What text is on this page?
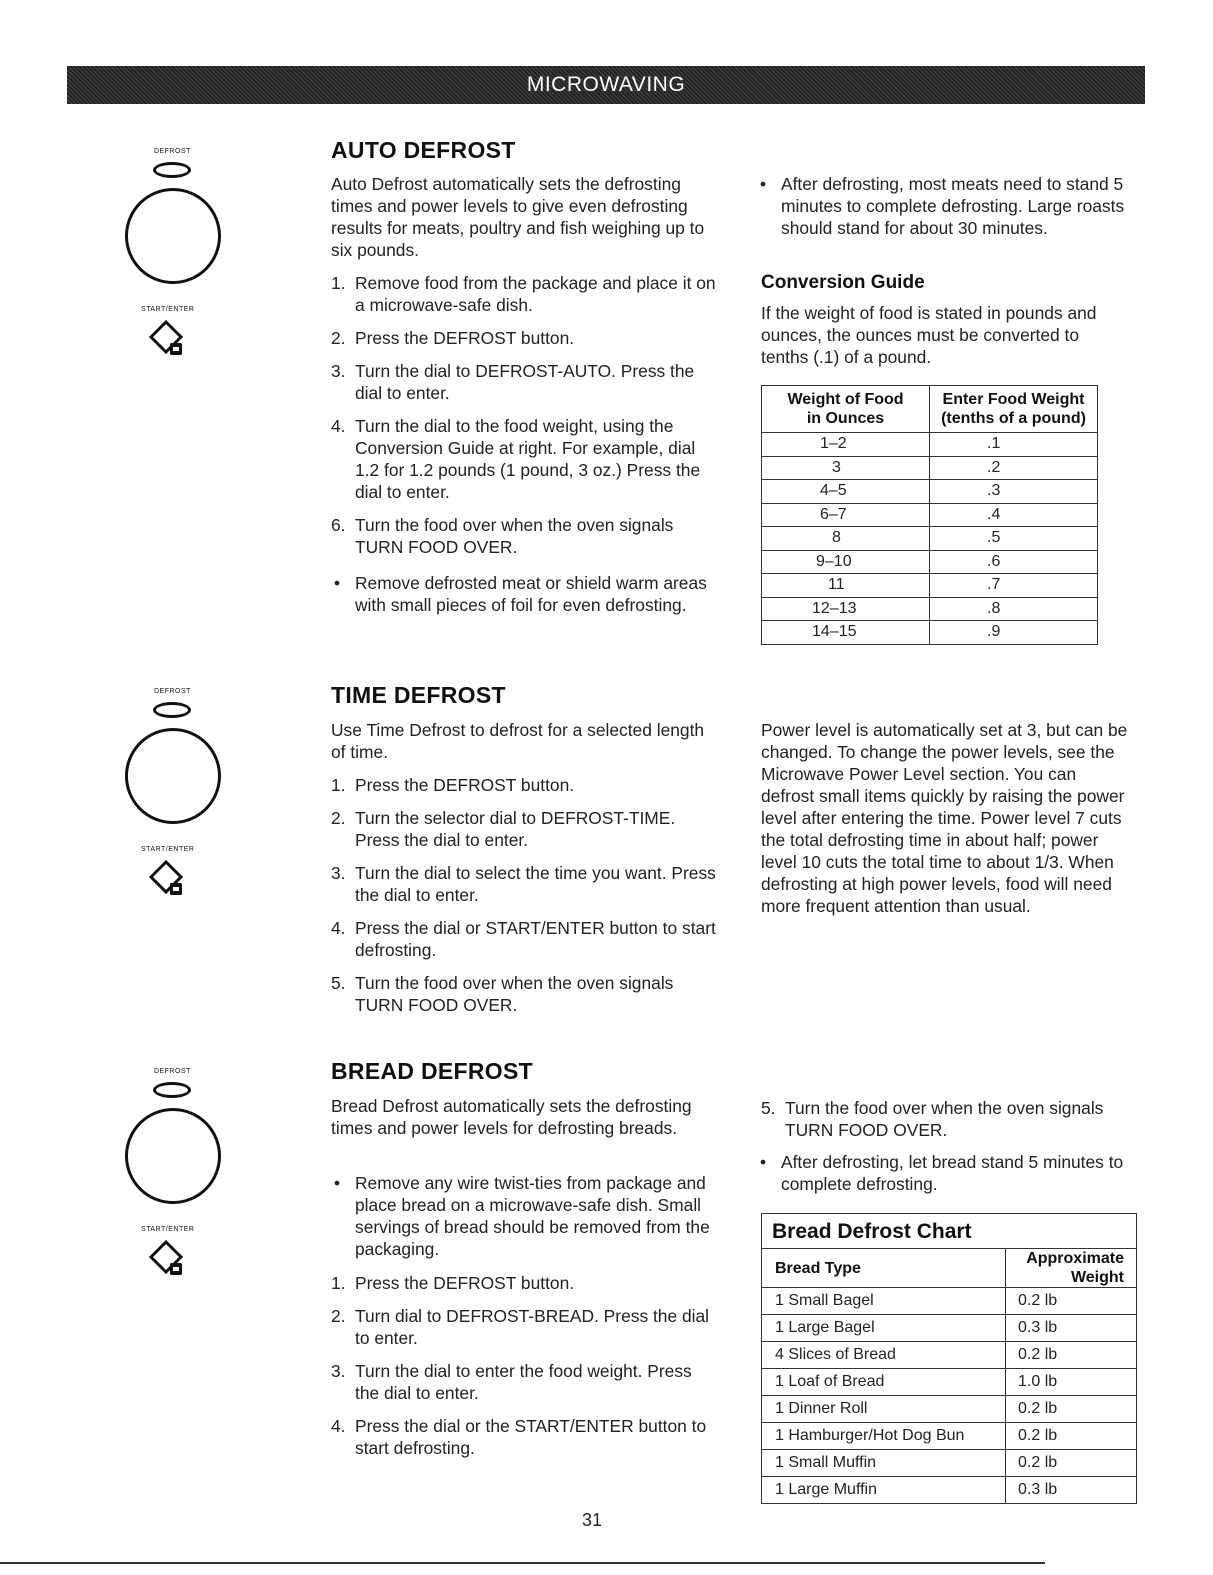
MICROWAVING
DEFROST
START/ENTER
DEFROST
START/ENTER
DEFROST
START/ENTER
AUTO DEFROST

Auto Defrost automatically sets the defrosting times and power levels to give even defrosting results for meats, poultry and fish weighing up to six pounds.

1. Remove food from the package and place it on a microwave-safe dish.
2. Press the DEFROST button.
3. Turn the dial to DEFROST-AUTO. Press the dial to enter.
4. Turn the dial to the food weight, using the Conversion Guide at right. For example, dial 1.2 for 1.2 pounds (1 pound, 3 oz.) Press the dial to enter.
6. Turn the food over when the oven signals TURN FOOD OVER.
• Remove defrosted meat or shield warm areas with small pieces of foil for even defrosting.
• After defrosting, most meats need to stand 5 minutes to complete defrosting. Large roasts should stand for about 30 minutes.
Conversion Guide

If the weight of food is stated in pounds and ounces, the ounces must be converted to tenths (.1) of a pound.

Weight of Food
in Ounces	Enter Food Weight
(tenths of a pound)
1–2	.1
3	.2
4–5	.3
6–7	.4
8	.5
9–10	.6
11	.7
12–13	.8
14–15	.9
TIME DEFROST

Use Time Defrost to defrost for a selected length of time.

1. Press the DEFROST button.
2. Turn the selector dial to DEFROST-TIME. Press the dial to enter.
3. Turn the dial to select the time you want. Press the dial to enter.
4. Press the dial or START/ENTER button to start defrosting.
5. Turn the food over when the oven signals TURN FOOD OVER.

Power level is automatically set at 3, but can be changed. To change the power levels, see the Microwave Power Level section. You can defrost small items quickly by raising the power level after entering the time. Power level 7 cuts the total defrosting time in about half; power level 10 cuts the total time to about 1/3. When defrosting at high power levels, food will need more frequent attention than usual.

BREAD DEFROST

Bread Defrost automatically sets the defrosting times and power levels for defrosting breads.

• Remove any wire twist-ties from package and place bread on a microwave-safe dish. Small servings of bread should be removed from the packaging.
1. Press the DEFROST button.
2. Turn dial to DEFROST-BREAD. Press the dial to enter.
3. Turn the dial to enter the food weight. Press the dial to enter.
4. Press the dial or the START/ENTER button to start defrosting.
5. Turn the food over when the oven signals TURN FOOD OVER.
• After defrosting, let bread stand 5 minutes to complete defrosting.
Bread Defrost Chart	
Bread Type	Approximate Weight
1 Small Bagel	0.2 lb
1 Large Bagel	0.3 lb
4 Slices of Bread	0.2 lb
1 Loaf of Bread	1.0 lb
1 Dinner Roll	0.2 lb
1 Hamburger/Hot Dog Bun	0.2 lb
1 Small Muffin	0.2 lb
1 Large Muffin	0.3 lb
31
